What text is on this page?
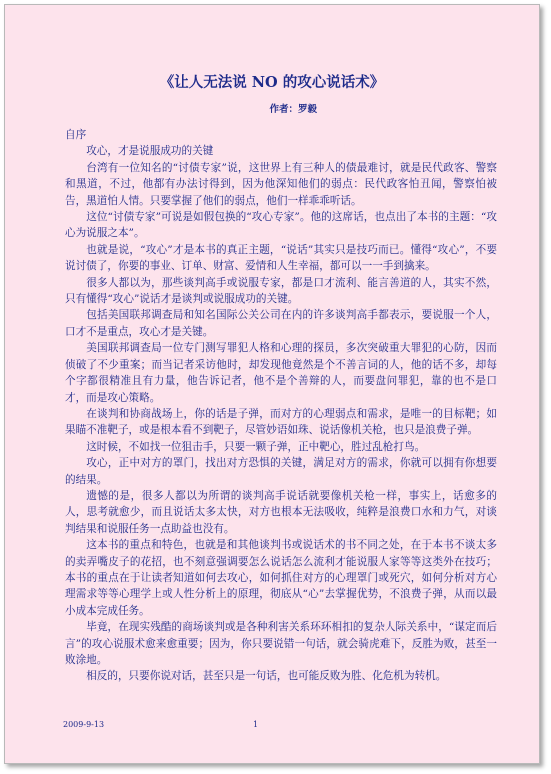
《让人无法说 NO 的攻心说话术》
作者：罗毅

自序

攻心，才是说服成功的关键

台湾有一位知名的“讨债专家”说，这世界上有三种人的债最难讨，就是民代政客、警察和黑道，不过，他都有办法讨得到，因为他深知他们的弱点：民代政客怕丑闻，警察怕被告，黑道怕人情。只要掌握了他们的弱点，他们一样乖乖听话。

这位“讨债专家”可说是如假包换的“攻心专家”。他的这席话，也点出了本书的主题：“攻心为说服之本”。

也就是说，“攻心”才是本书的真正主题，“说话”其实只是技巧而已。懂得“攻心”，不要说讨债了，你要的事业、订单、财富、爱情和人生幸福，都可以一一手到擒来。

很多人都以为，那些谈判高手或说服专家，都是口才流利、能言善道的人，其实不然，只有懂得“攻心”说话才是谈判或说服成功的关键。

包括美国联邦调查局和知名国际公关公司在内的许多谈判高手都表示，要说服一个人，口才不是重点，攻心才是关键。

美国联邦调查局一位专门测写罪犯人格和心理的探员，多次突破重大罪犯的心防，因而侦破了不少重案；而当记者采访他时，却发现他竟然是个不善言词的人，他的话不多，却每个字都很精准且有力量，他告诉记者，他不是个善辩的人，而要盘问罪犯，靠的也不是口才，而是攻心策略。

在谈判和协商战场上，你的话是子弹，而对方的心理弱点和需求，是唯一的目标靶；如果瞄不准靶子，或是根本看不到靶子，尽管妙语如珠、说话像机关枪，也只是浪费子弹。

这时候，不如找一位狙击手，只要一颗子弹，正中靶心，胜过乱枪打鸟。

攻心，正中对方的罩门，找出对方恐惧的关键，满足对方的需求，你就可以拥有你想要的结果。

遗憾的是，很多人都以为所谓的谈判高手说话就要像机关枪一样，事实上，话愈多的人，思考就愈少，而且说话太多太快，对方也根本无法吸收，纯粹是浪费口水和力气，对谈判结果和说服任务一点助益也没有。

这本书的重点和特色，也就是和其他谈判书或说话术的书不同之处，在于本书不谈太多的卖弄嘴皮子的花招，也不刻意强调要怎么说话怎么流利才能说服人家等等这类外在技巧；本书的重点在于让读者知道如何去攻心，如何抓住对方的心理罩门或死穴，如何分析对方心理需求等等心理学上或人性分析上的原理，彻底从“心”去掌握优势，不浪费子弹，从而以最小成本完成任务。

毕竟，在现实残酷的商场谈判或是各种利害关系环环相扣的复杂人际关系中，“谋定而后言”的攻心说服术愈来愈重要；因为，你只要说错一句话，就会骑虎难下，反胜为败，甚至一败涂地。

相反的，只要你说对话，甚至只是一句话，也可能反败为胜、化危机为转机。

2009-9-13	1
